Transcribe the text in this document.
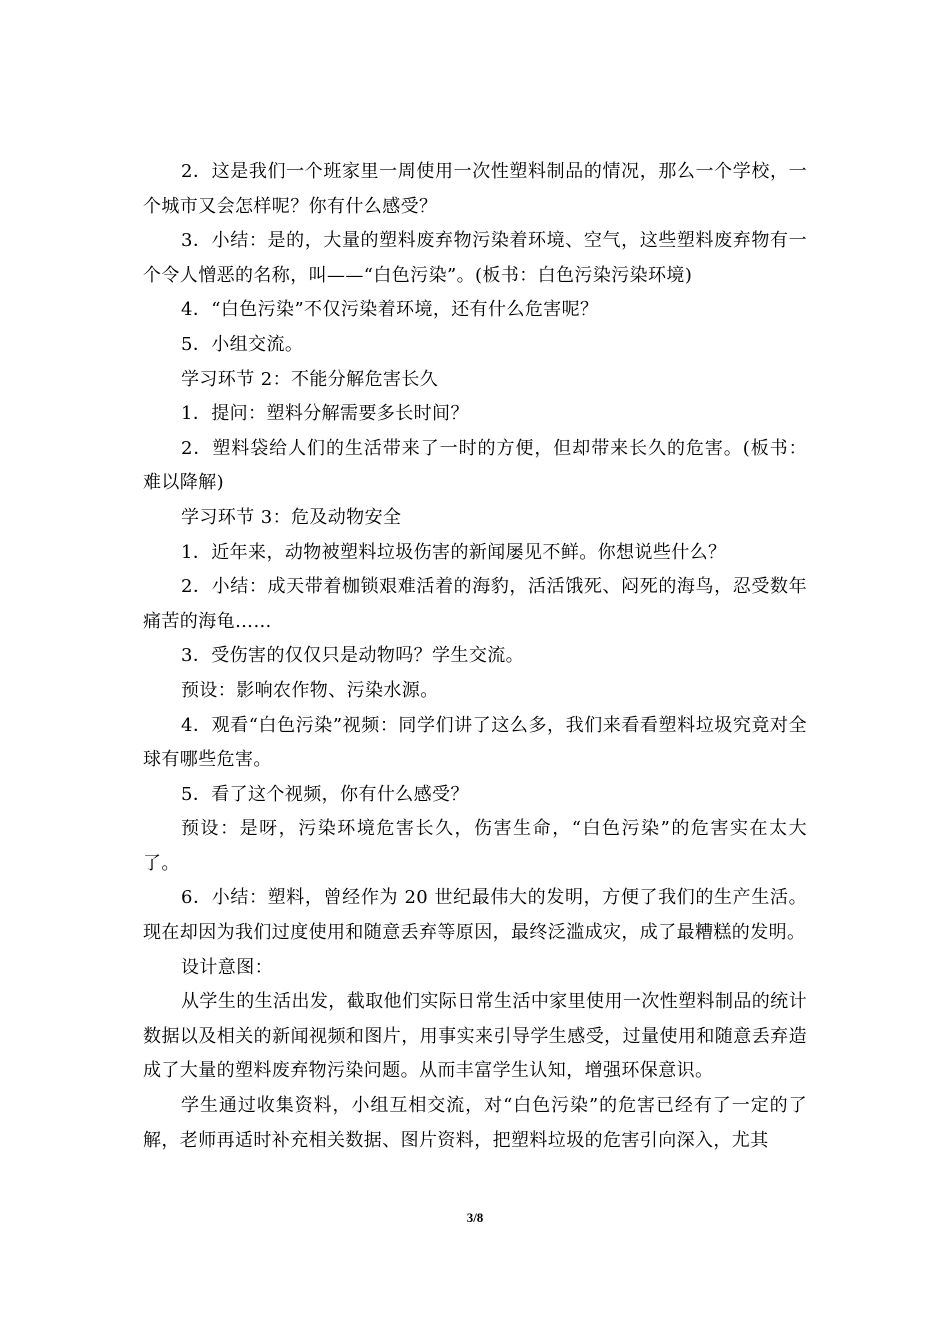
2．这是我们一个班家里一周使用一次性塑料制品的情况，那么一个学校，一个城市又会怎样呢？你有什么感受？

3．小结：是的，大量的塑料废弃物污染着环境、空气，这些塑料废弃物有一个令人憎恶的名称，叫——“白色污染”。(板书：白色污染污染环境)

4．“白色污染”不仅污染着环境，还有什么危害呢？

5．小组交流。

学习环节 2：不能分解危害长久

1．提问：塑料分解需要多长时间？

2．塑料袋给人们的生活带来了一时的方便，但却带来长久的危害。(板书：难以降解)

学习环节 3：危及动物安全

1．近年来，动物被塑料垃圾伤害的新闻屡见不鲜。你想说些什么？

2．小结：成天带着枷锁艰难活着的海豹，活活饿死、闷死的海鸟，忍受数年痛苦的海龟……

3．受伤害的仅仅只是动物吗？学生交流。

预设：影响农作物、污染水源。

4．观看“白色污染”视频：同学们讲了这么多，我们来看看塑料垃圾究竟对全球有哪些危害。

5．看了这个视频，你有什么感受？

预设：是呀，污染环境危害长久，伤害生命，“白色污染”的危害实在太大了。

6．小结：塑料，曾经作为 20 世纪最伟大的发明，方便了我们的生产生活。现在却因为我们过度使用和随意丢弃等原因，最终泛滥成灾，成了最糟糕的发明。

设计意图：

从学生的生活出发，截取他们实际日常生活中家里使用一次性塑料制品的统计数据以及相关的新闻视频和图片，用事实来引导学生感受，过量使用和随意丢弃造成了大量的塑料废弃物污染问题。从而丰富学生认知，增强环保意识。

学生通过收集资料，小组互相交流，对“白色污染”的危害已经有了一定的了解，老师再适时补充相关数据、图片资料，把塑料垃圾的危害引向深入，尤其

3/8
